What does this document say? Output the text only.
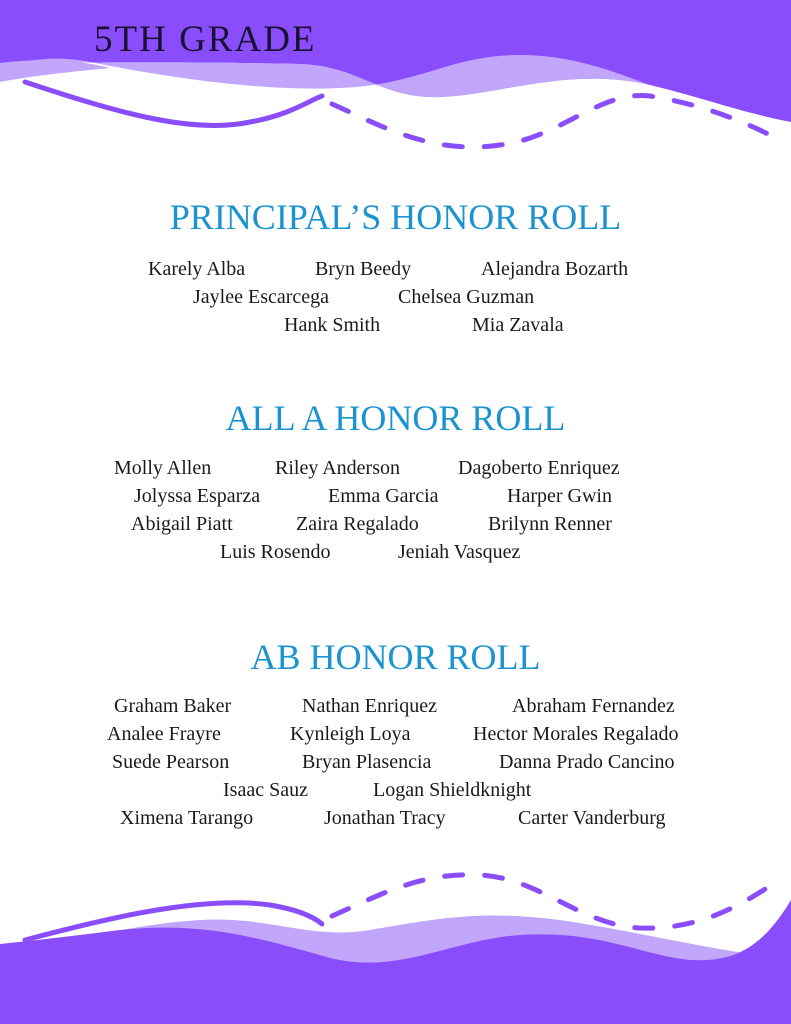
5TH GRADE
PRINCIPAL’S HONOR ROLL
Karely Alba	Bryn Beedy	Alejandra Bozarth
Jaylee Escarcega	Chelsea Guzman
Hank Smith	Mia Zavala
ALL A HONOR ROLL
Molly Allen	Riley Anderson	Dagoberto Enriquez
Jolyssa Esparza	Emma Garcia	Harper Gwin
Abigail Piatt	Zaira Regalado	Brilynn Renner
Luis Rosendo	Jeniah Vasquez
AB HONOR ROLL
Graham Baker	Nathan Enriquez	Abraham Fernandez
Analee Frayre	Kynleigh Loya	Hector Morales Regalado
Suede Pearson	Bryan Plasencia	Danna Prado Cancino
Isaac Sauz	Logan Shieldknight
Ximena Tarango	Jonathan Tracy	Carter Vanderburg
